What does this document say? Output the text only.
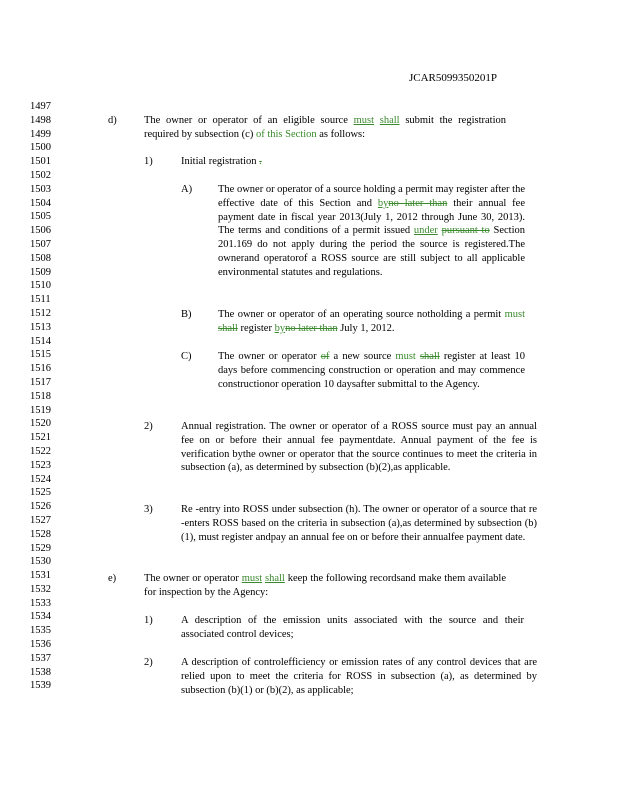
JCAR5099350201P
1497
1498
1499
1500
1501
1502
1503
1504
1505
1506
1507
1508
1509
1510
1511
1512
1513
1514
1515
1516
1517
1518
1519
1520
1521
1522
1523
1524
1525
1526
1527
1528
1529
1530
1531
1532
1533
1534
1535
1536
1537
1538
1539
d)	The owner or operator of an eligible source must shall submit the registration required by subsection (c) of this Section as follows:
1)	Initial registration .
A) The owner or operator of a source holding a permit may register after the effective date of this Section and byno later than their annual fee payment date in fiscal year 2013(July 1, 2012 through June 30, 2013). The terms and conditions of a permit issued under pursuant to Section 201.169 do not apply during the period the source is registered.The ownerand operatorof a ROSS source are still subject to all applicable environmental statutes and regulations.
B)	The owner or operator of an operating source notholding a permit must shall register byno later than July 1, 2012.
C)	The owner or operator of a new source must shall register at least 10 days before commencing construction or operation and may commence constructionor operation 10 daysafter submittal to the Agency.
2)	Annual registration. The owner or operator of a ROSS source must pay an annual fee on or before their annual fee paymentdate. Annual payment of the fee is verification bythe owner or operator that the source continues to meet the criteria in subsection (a), as determined by subsection (b)(2),as applicable.
3)	Re -entry into ROSS under subsection (h). The owner or operator of a source that re -enters ROSS based on the criteria in subsection (a),as determined by subsection (b)(1), must register andpay an annual fee on or before their annualfee payment date.
e)	The owner or operator must shall keep the following recordsand make them available for inspection by the Agency:
1)	A description of the emission units associated with the source and their associated control devices;
2)	A description of controlefficiency or emission rates of any control devices that are relied upon to meet the criteria for ROSS in subsection (a), as determined by subsection (b)(1) or (b)(2), as applicable;
